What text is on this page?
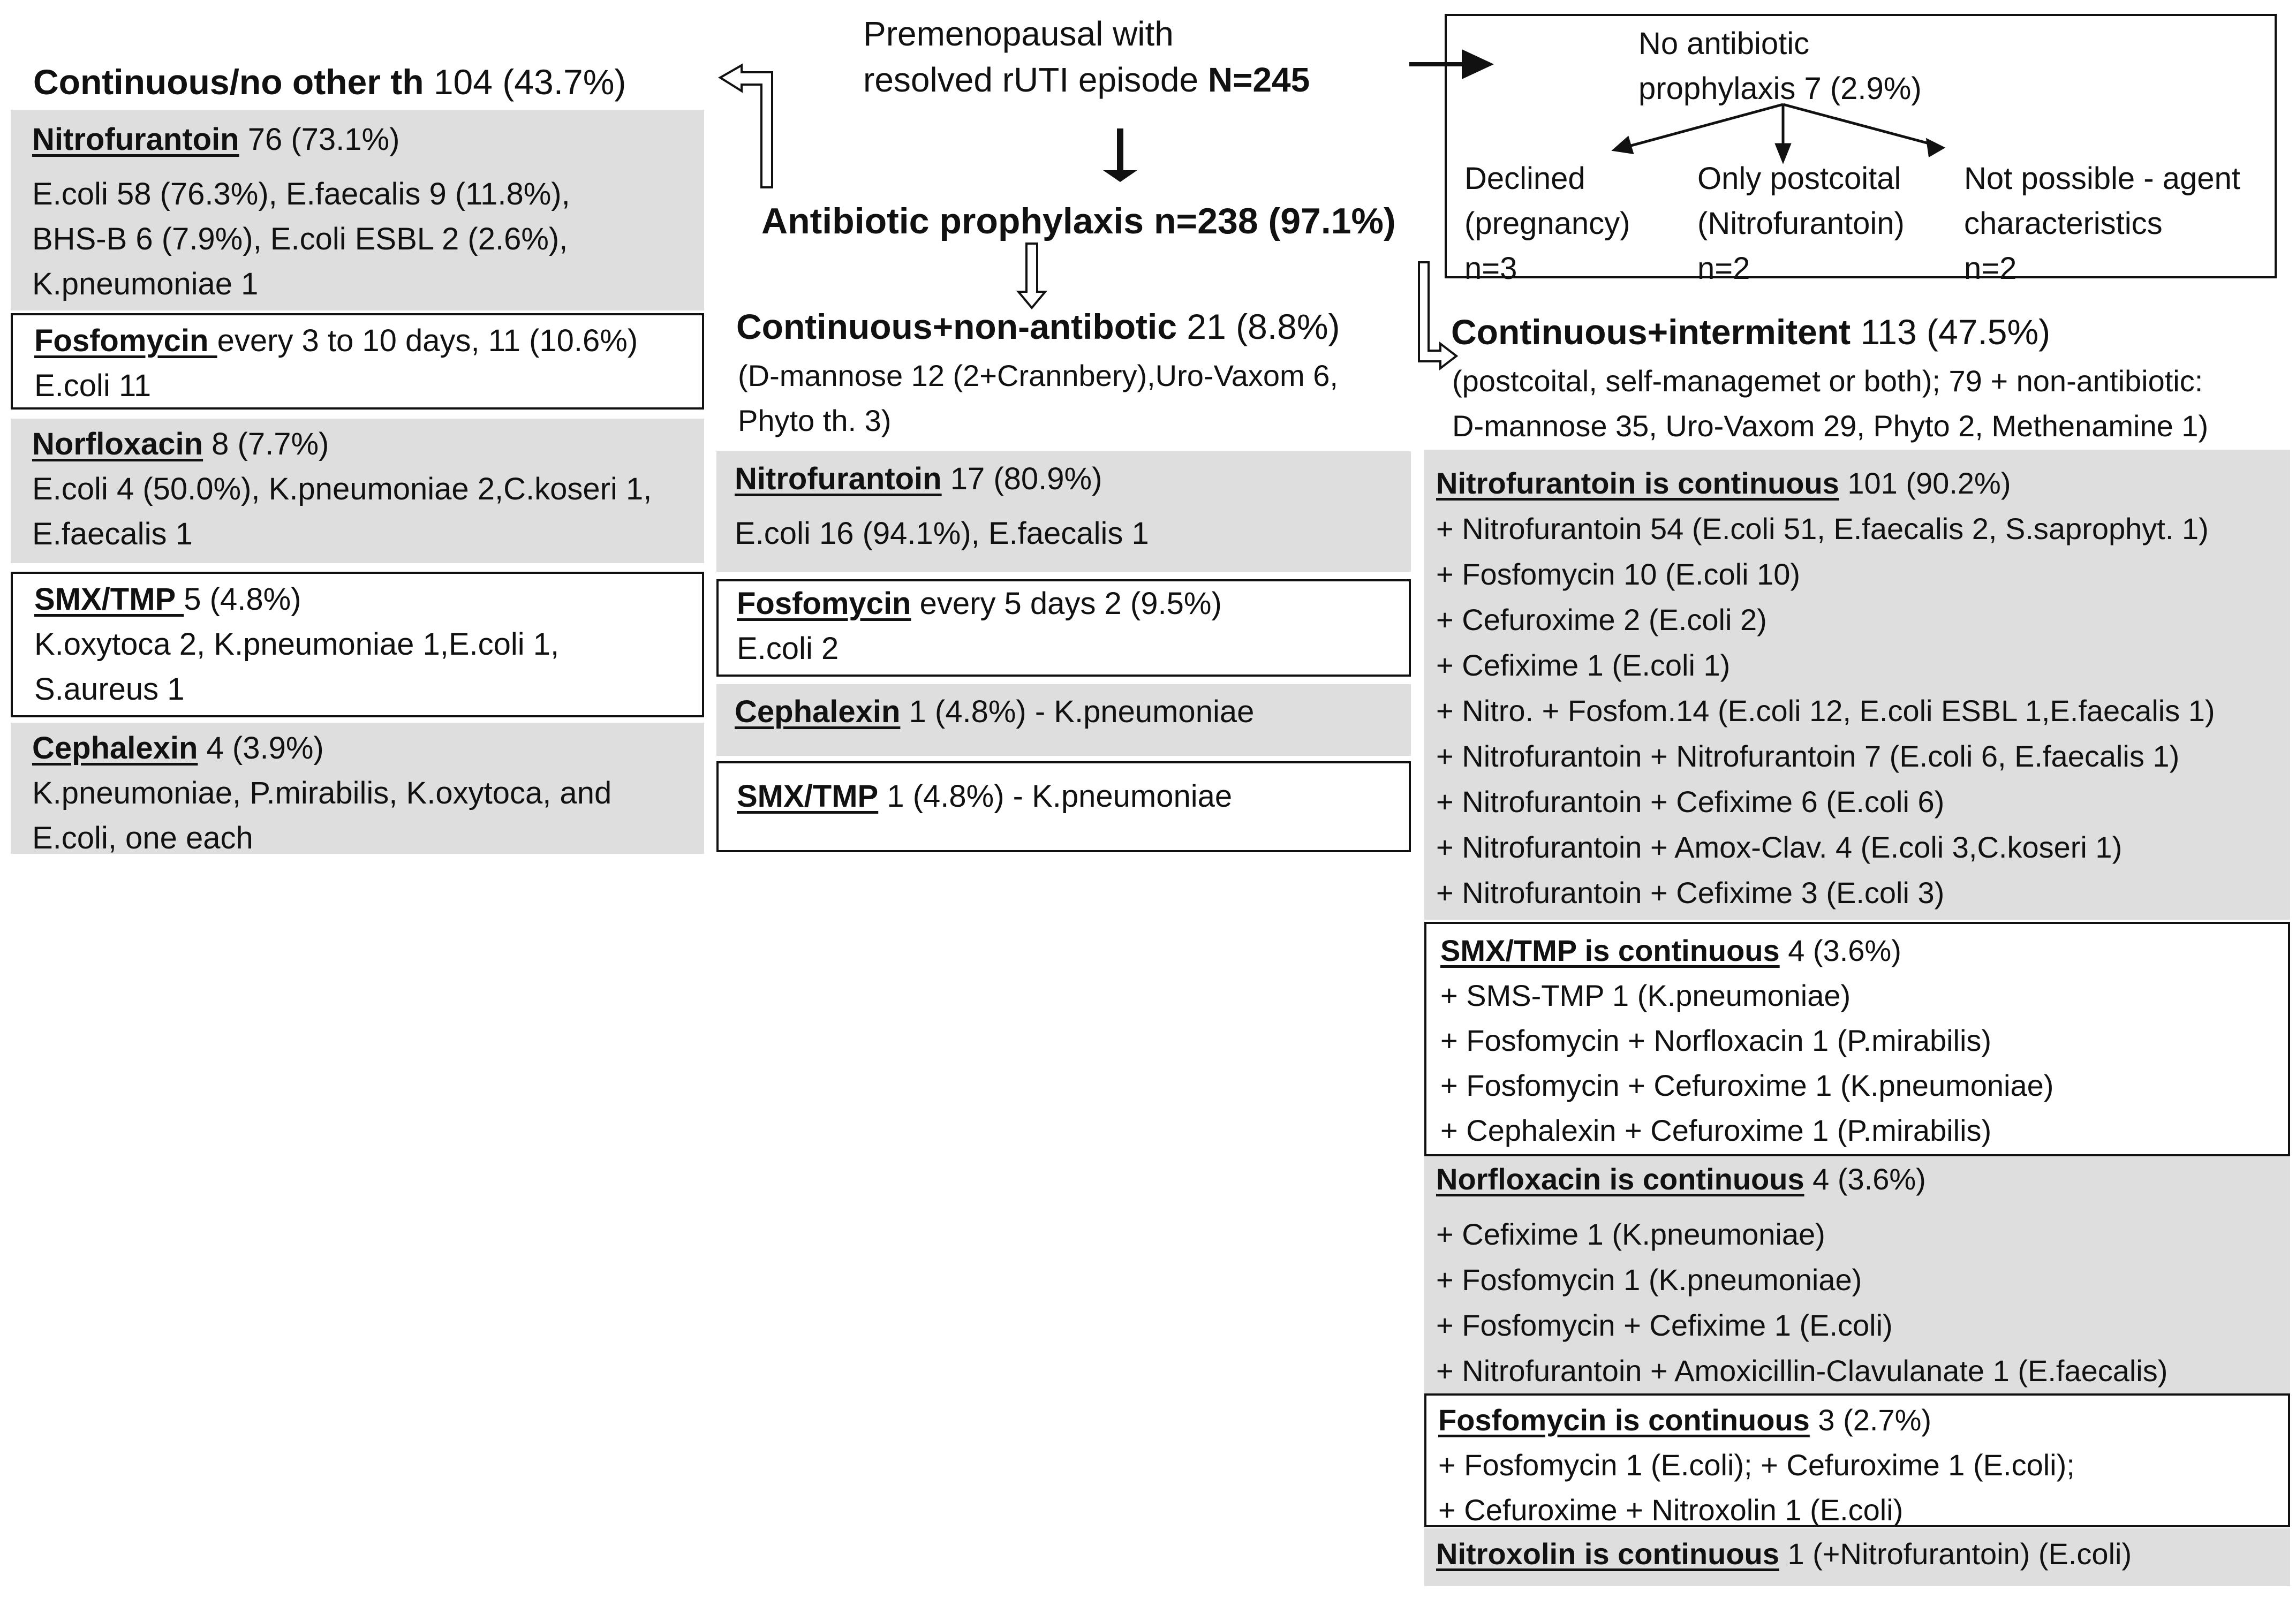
Premenopausal with
resolved rUTI episode N=245
Antibiotic prophylaxis n=238 (97.1%)
No antibiotic
prophylaxis 7 (2.9%)
Declined
(pregnancy)
n=3
Only postcoital
(Nitrofurantoin)
n=2
Not possible - agent
characteristics
n=2
Continuous/no other th 104 (43.7%)
Nitrofurantoin 76 (73.1%)
E.coli 58 (76.3%), E.faecalis 9 (11.8%),
BHS-B 6 (7.9%), E.coli ESBL 2 (2.6%),
K.pneumoniae 1
Fosfomycin every 3 to 10 days, 11 (10.6%)
E.coli 11
Norfloxacin 8 (7.7%)
E.coli 4 (50.0%), K.pneumoniae 2,C.koseri 1,
E.faecalis 1
SMX/TMP 5 (4.8%)
K.oxytoca 2, K.pneumoniae 1,E.coli 1,
S.aureus 1
Cephalexin 4 (3.9%)
K.pneumoniae, P.mirabilis, K.oxytoca, and
E.coli, one each
Continuous+non-antibotic 21 (8.8%)
(D-mannose 12 (2+Crannbery),Uro-Vaxom 6,
Phyto th. 3)
Nitrofurantoin 17 (80.9%)
E.coli 16 (94.1%), E.faecalis 1
Fosfomycin every 5 days 2 (9.5%)
E.coli 2
Cephalexin 1 (4.8%) - K.pneumoniae
SMX/TMP 1 (4.8%) - K.pneumoniae
Continuous+intermitent 113 (47.5%)
(postcoital, self-managemet or both); 79 + non-antibiotic:
D-mannose 35, Uro-Vaxom 29, Phyto 2, Methenamine 1)
Nitrofurantoin is continuous 101 (90.2%)
+ Nitrofurantoin 54 (E.coli 51, E.faecalis 2, S.saprophyt. 1)
+ Fosfomycin 10 (E.coli 10)
+ Cefuroxime 2 (E.coli 2)
+ Cefixime 1 (E.coli 1)
+ Nitro. + Fosfom.14 (E.coli 12, E.coli ESBL 1,E.faecalis 1)
+ Nitrofurantoin + Nitrofurantoin 7 (E.coli 6, E.faecalis 1)
+ Nitrofurantoin + Cefixime 6 (E.coli 6)
+ Nitrofurantoin + Amox-Clav. 4 (E.coli 3,C.koseri 1)
+ Nitrofurantoin + Cefixime 3 (E.coli 3)
SMX/TMP is continuous 4 (3.6%)
+ SMS-TMP 1 (K.pneumoniae)
+ Fosfomycin + Norfloxacin 1 (P.mirabilis)
+ Fosfomycin + Cefuroxime 1 (K.pneumoniae)
+ Cephalexin + Cefuroxime 1 (P.mirabilis)
Norfloxacin is continuous 4 (3.6%)
+ Cefixime 1 (K.pneumoniae)
+ Fosfomycin 1 (K.pneumoniae)
+ Fosfomycin + Cefixime 1 (E.coli)
+ Nitrofurantoin + Amoxicillin-Clavulanate 1 (E.faecalis)
Fosfomycin is continuous 3 (2.7%)
+ Fosfomycin 1 (E.coli); + Cefuroxime 1 (E.coli);
+ Cefuroxime + Nitroxolin 1 (E.coli)
Nitroxolin is continuous 1 (+Nitrofurantoin) (E.coli)
